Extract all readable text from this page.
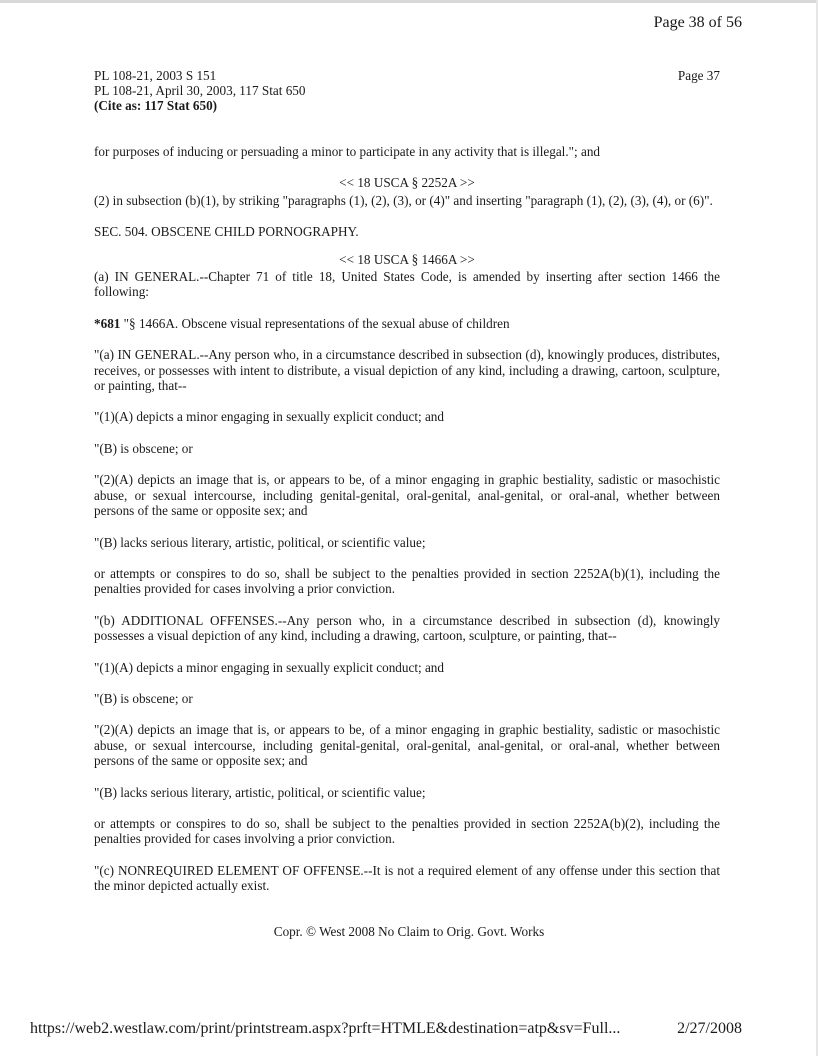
Page 38 of 56
PL 108-21, 2003 S 151
PL 108-21, April 30, 2003, 117 Stat 650
(Cite as: 117 Stat 650)
Page 37

for purposes of inducing or persuading a minor to participate in any activity that is illegal."; and

<< 18 USCA § 2252A >>

(2) in subsection (b)(1), by striking "paragraphs (1), (2), (3), or (4)" and inserting "paragraph (1), (2), (3), (4), or (6)".

SEC. 504. OBSCENE CHILD PORNOGRAPHY.

<< 18 USCA § 1466A >>

(a) IN GENERAL.--Chapter 71 of title 18, United States Code, is amended by inserting after section 1466 the following:

*681 "§ 1466A. Obscene visual representations of the sexual abuse of children

"(a) IN GENERAL.--Any person who, in a circumstance described in subsection (d), knowingly produces, distributes, receives, or possesses with intent to distribute, a visual depiction of any kind, including a drawing, cartoon, sculpture, or painting, that--

"(1)(A) depicts a minor engaging in sexually explicit conduct; and

"(B) is obscene; or

"(2)(A) depicts an image that is, or appears to be, of a minor engaging in graphic bestiality, sadistic or masochistic abuse, or sexual intercourse, including genital-genital, oral-genital, anal-genital, or oral-anal, whether between persons of the same or opposite sex; and

"(B) lacks serious literary, artistic, political, or scientific value;

or attempts or conspires to do so, shall be subject to the penalties provided in section 2252A(b)(1), including the penalties provided for cases involving a prior conviction.

"(b) ADDITIONAL OFFENSES.--Any person who, in a circumstance described in subsection (d), knowingly possesses a visual depiction of any kind, including a drawing, cartoon, sculpture, or painting, that--

"(1)(A) depicts a minor engaging in sexually explicit conduct; and

"(B) is obscene; or

"(2)(A) depicts an image that is, or appears to be, of a minor engaging in graphic bestiality, sadistic or masochistic abuse, or sexual intercourse, including genital-genital, oral-genital, anal-genital, or oral-anal, whether between persons of the same or opposite sex; and

"(B) lacks serious literary, artistic, political, or scientific value;

or attempts or conspires to do so, shall be subject to the penalties provided in section 2252A(b)(2), including the penalties provided for cases involving a prior conviction.

"(c) NONREQUIRED ELEMENT OF OFFENSE.--It is not a required element of any offense under this section that the minor depicted actually exist.

Copr. © West 2008 No Claim to Orig. Govt. Works
https://web2.westlaw.com/print/printstream.aspx?prft=HTMLE&destination=atp&sv=Full...	2/27/2008
